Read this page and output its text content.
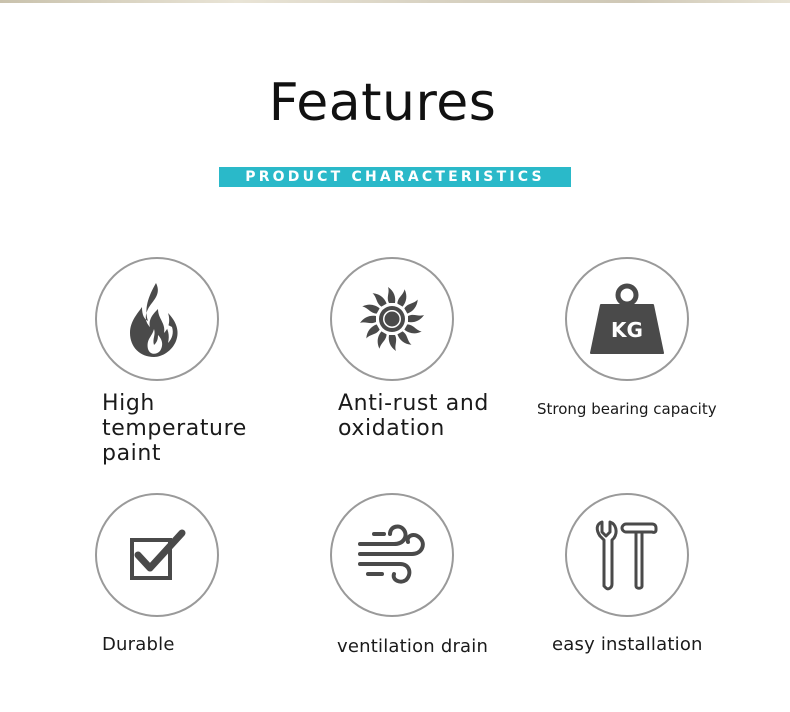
Features
PRODUCT CHARACTERISTICS
High
temperature
paint
Anti-rust and
oxidation
KG
Strong bearing capacity
Durable	ventilation drain	easy installation
